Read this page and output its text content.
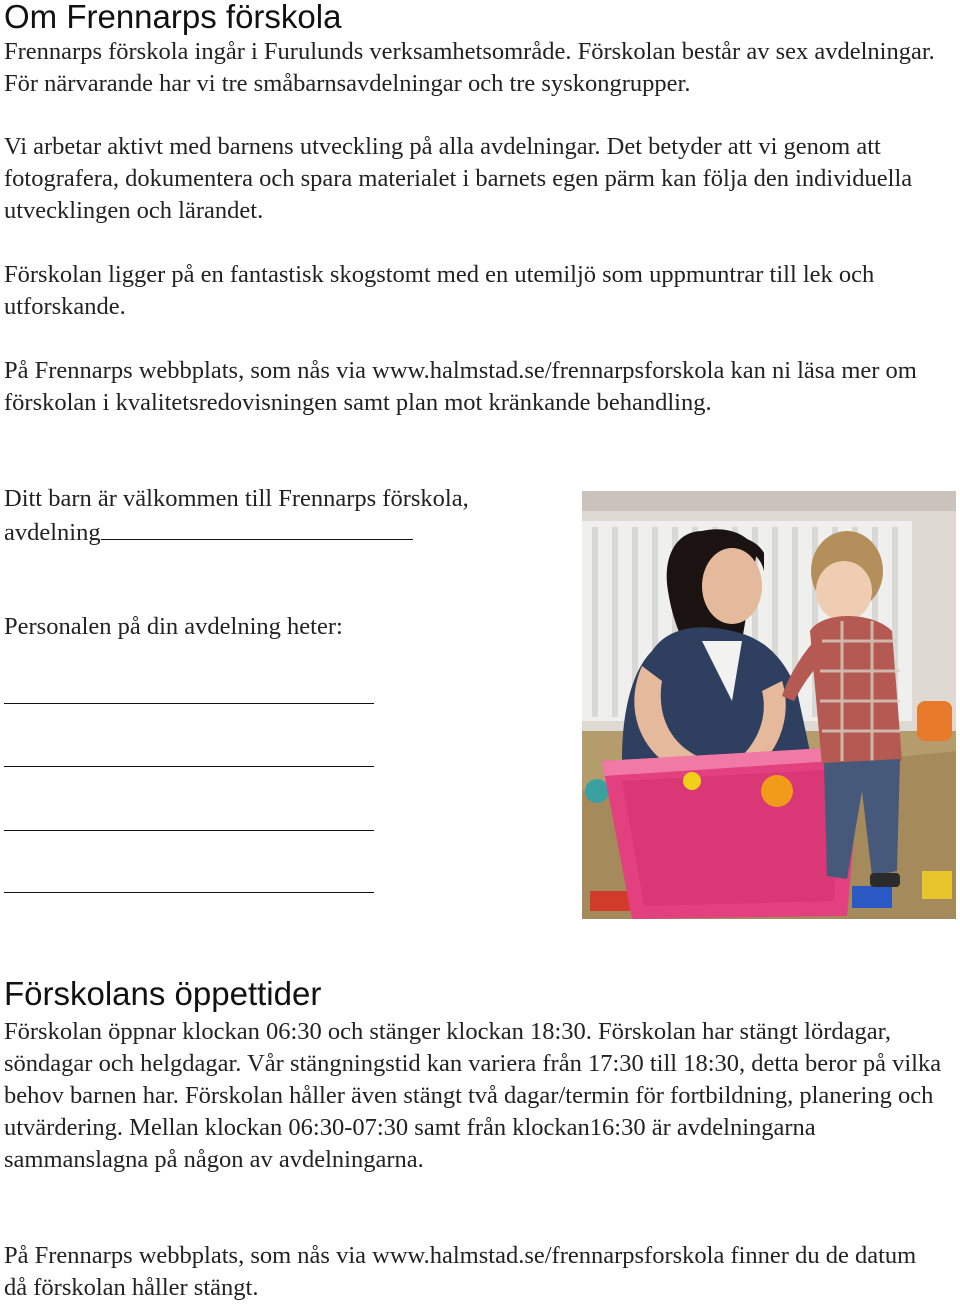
Om Frennarps förskola

Frennarps förskola ingår i Furulunds verksamhetsområde. Förskolan består av sex avdelningar. För närvarande har vi tre småbarnsavdelningar och tre syskongrupper.

Vi arbetar aktivt med barnens utveckling på alla avdelningar. Det betyder att vi genom att fotografera, dokumentera och spara materialet i barnets egen pärm kan följa den individuella utvecklingen och lärandet.

Förskolan ligger på en fantastisk skogstomt med en utemiljö som uppmuntrar till lek och utforskande.

På Frennarps webbplats, som nås via www.halmstad.se/frennarpsforskola kan ni läsa mer om förskolan i kvalitetsredovisningen samt plan mot kränkande behandling.

Ditt barn är välkommen till Frennarps förskola,
avdelning

Personalen på din avdelning heter:

Förskolans öppettider

Förskolan öppnar klockan 06:30 och stänger klockan 18:30. Förskolan har stängt lördagar, söndagar och helgdagar. Vår stängningstid kan variera från 17:30 till 18:30, detta beror på vilka behov barnen har. Förskolan håller även stängt två dagar/termin för fortbildning, planering och utvärdering. Mellan klockan 06:30-07:30 samt från klockan16:30 är avdelningarna sammanslagna på någon av avdelningarna.

På Frennarps webbplats, som nås via www.halmstad.se/frennarpsforskola finner du de datum då förskolan håller stängt.
